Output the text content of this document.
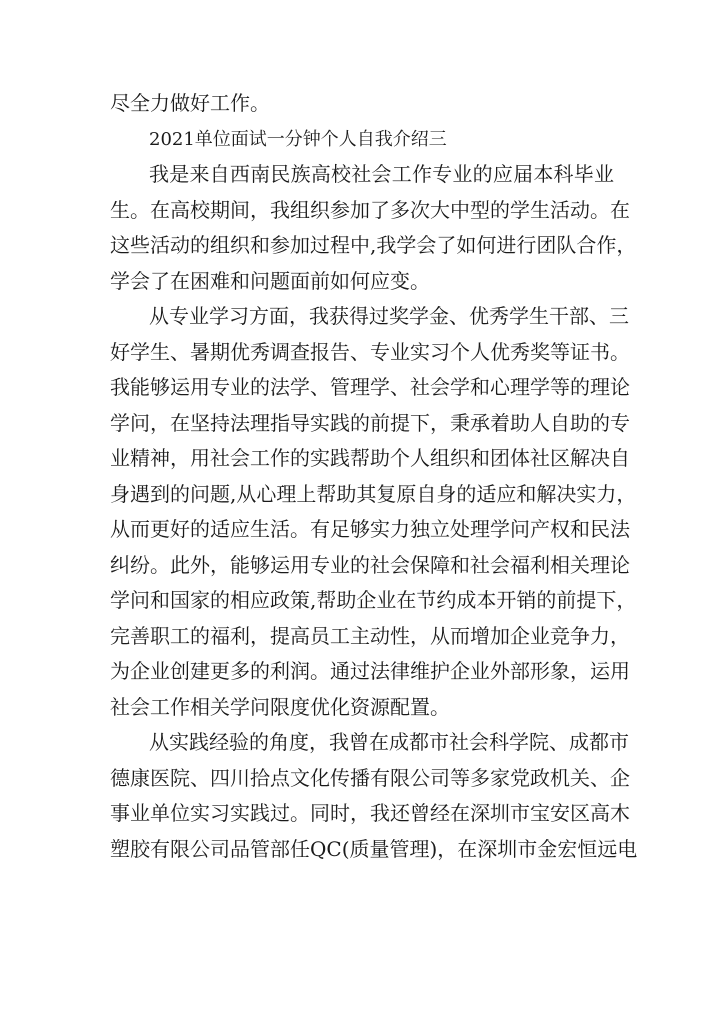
尽全力做好工作。
2021单位面试一分钟个人自我介绍三
我是来自西南民族高校社会工作专业的应届本科毕业
生。在高校期间，我组织参加了多次大中型的学生活动。在
这些活动的组织和参加过程中,我学会了如何进行团队合作，
学会了在困难和问题面前如何应变。
从专业学习方面，我获得过奖学金、优秀学生干部、三
好学生、暑期优秀调查报告、专业实习个人优秀奖等证书。
我能够运用专业的法学、管理学、社会学和心理学等的理论
学问，在坚持法理指导实践的前提下，秉承着助人自助的专
业精神，用社会工作的实践帮助个人组织和团体社区解决自
身遇到的问题,从心理上帮助其复原自身的适应和解决实力，
从而更好的适应生活。有足够实力独立处理学问产权和民法
纠纷。此外，能够运用专业的社会保障和社会福利相关理论
学问和国家的相应政策,帮助企业在节约成本开销的前提下，
完善职工的福利，提高员工主动性，从而增加企业竞争力，
为企业创建更多的利润。通过法律维护企业外部形象，运用
社会工作相关学问限度优化资源配置。
从实践经验的角度，我曾在成都市社会科学院、成都市
德康医院、四川拾点文化传播有限公司等多家党政机关、企
事业单位实习实践过。同时，我还曾经在深圳市宝安区高木
塑胶有限公司品管部任QC(质量管理)，在深圳市金宏恒远电
